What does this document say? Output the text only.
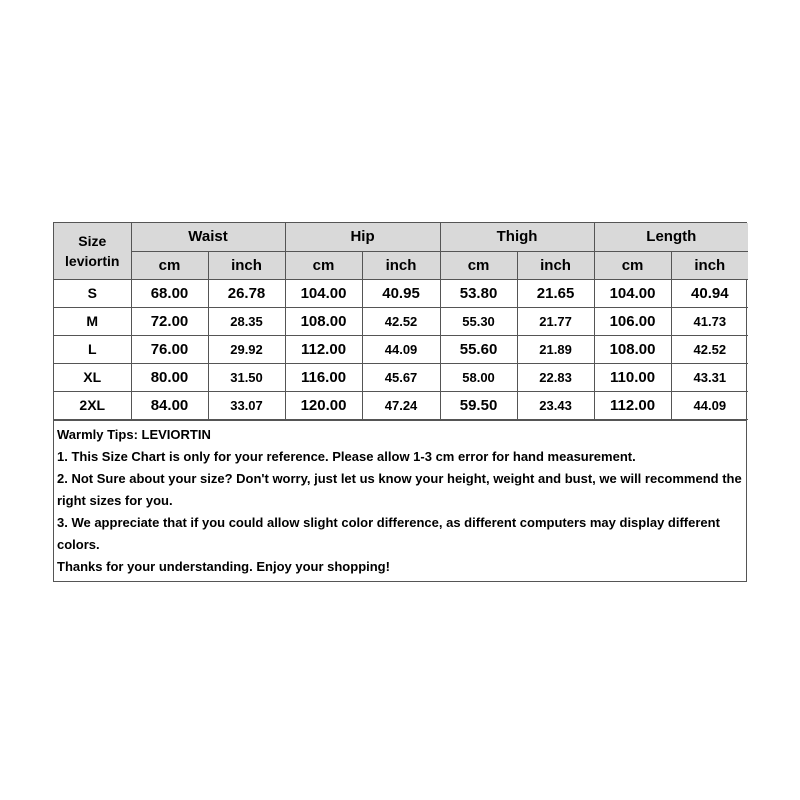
Size
leviortin	Waist		Hip		Thigh		Length	
	cm	inch	cm	inch	cm	inch	cm	inch
S	68.00	26.78	104.00	40.95	53.80	21.65	104.00	40.94
M	72.00	28.35	108.00	42.52	55.30	21.77	106.00	41.73
L	76.00	29.92	112.00	44.09	55.60	21.89	108.00	42.52
XL	80.00	31.50	116.00	45.67	58.00	22.83	110.00	43.31
2XL	84.00	33.07	120.00	47.24	59.50	23.43	112.00	44.09

Warmly Tips: LEVIORTIN

1. This Size Chart is only for your reference. Please allow 1-3 cm error for hand measurement.

2. Not Sure about your size? Don't worry, just let us know your height, weight and bust, we will recommend the right sizes for you.

3. We appreciate that if you could allow slight color difference, as different computers may display different colors.

Thanks for your understanding. Enjoy your shopping!
